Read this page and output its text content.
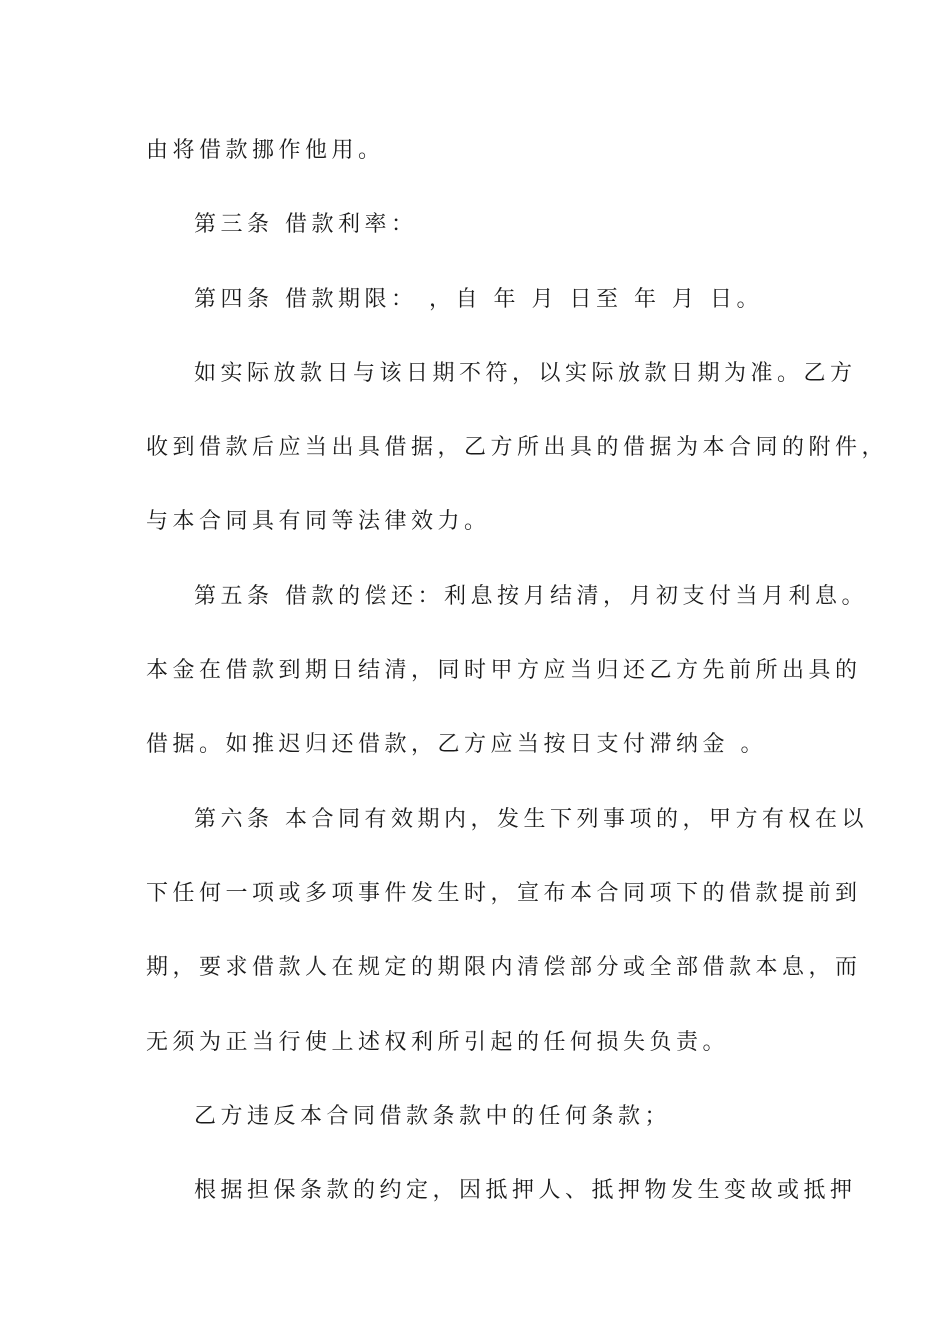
由将借款挪作他用。
第三条 借款利率：
第四条 借款期限： ，自 年 月 日至 年 月 日。
如实际放款日与该日期不符，以实际放款日期为准。乙方
收到借款后应当出具借据，乙方所出具的借据为本合同的附件，
与本合同具有同等法律效力。
第五条 借款的偿还：利息按月结清，月初支付当月利息。
本金在借款到期日结清，同时甲方应当归还乙方先前所出具的
借据。如推迟归还借款，乙方应当按日支付滞纳金 。
第六条 本合同有效期内，发生下列事项的，甲方有权在以
下任何一项或多项事件发生时，宣布本合同项下的借款提前到
期，要求借款人在规定的期限内清偿部分或全部借款本息，而
无须为正当行使上述权利所引起的任何损失负责。
乙方违反本合同借款条款中的任何条款；
根据担保条款的约定，因抵押人、抵押物发生变故或抵押
